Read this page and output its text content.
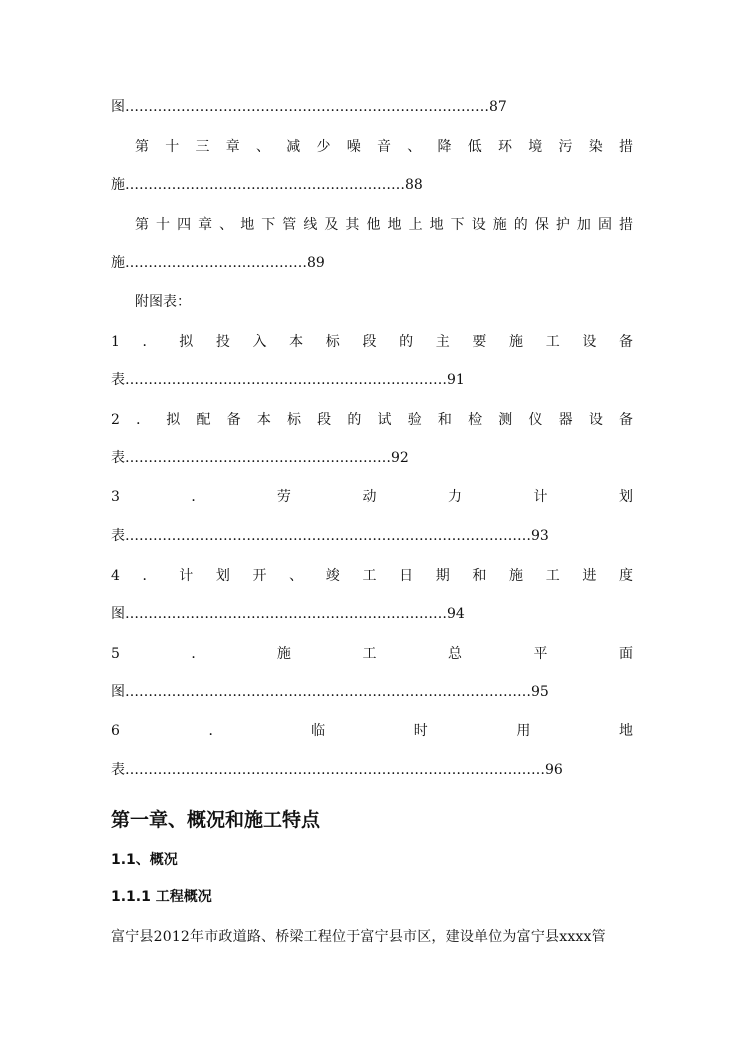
图……………………………………………………………………87
第十三章、减少噪音、降低环境污染措
施……………………………………………………88
第十四章、地下管线及其他地上地下设施的保护加固措
施…………………………………89
附图表：
1．拟投入本标段的主要施工设备
表……………………………………………………………91
2．拟配备本标段的试验和检测仪器设备
表…………………………………………………92
3．劳动力计划
表……………………………………………………………………………93
4．计划开、竣工日期和施工进度
图……………………………………………………………94
5．施工总平面
图……………………………………………………………………………95
6．临时用地
表………………………………………………………………………………96
第一章、概况和施工特点
1.1、概况
1.1.1 工程概况
富宁县2012年市政道路、桥梁工程位于富宁县市区，建设单位为富宁县xxxx管
